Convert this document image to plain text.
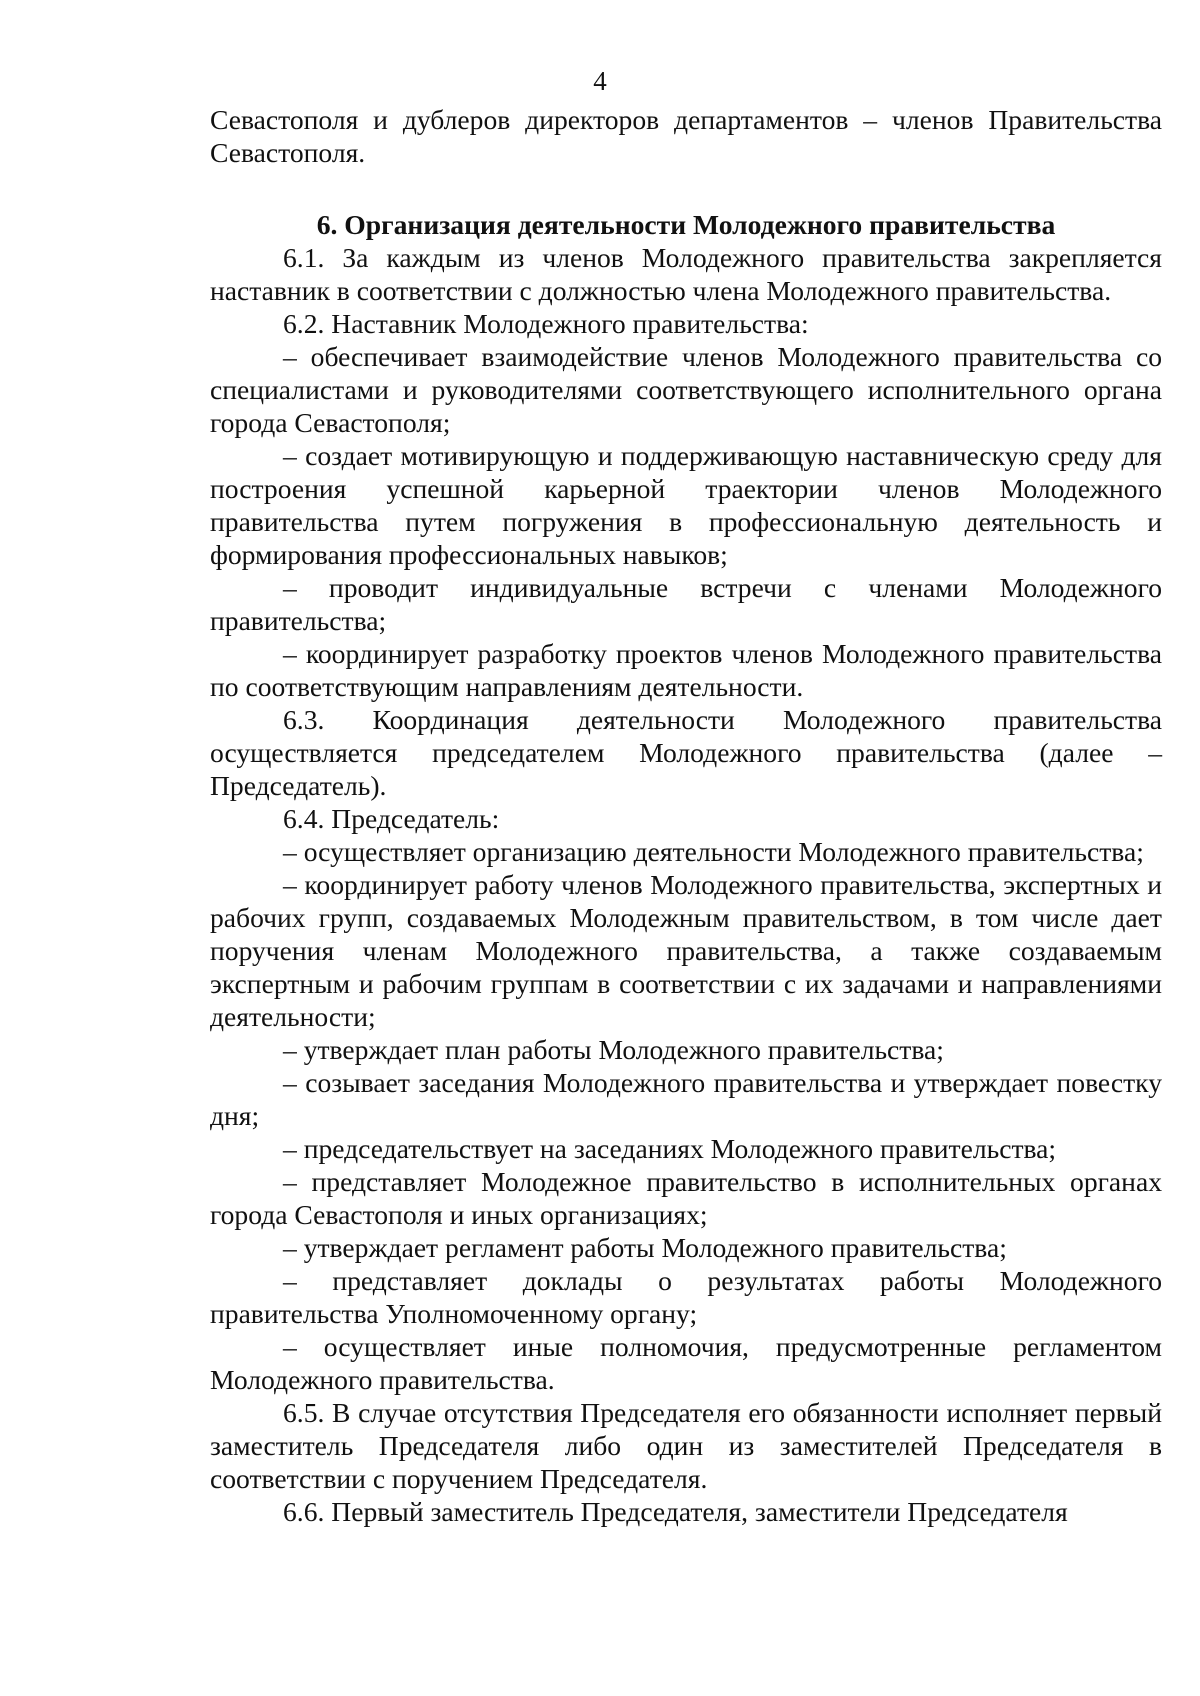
4

Севастополя и дублеров директоров департаментов – членов Правительства Севастополя.

6. Организация деятельности Молодежного правительства

6.1. За каждым из членов Молодежного правительства закрепляется наставник в соответствии с должностью члена Молодежного правительства.

6.2. Наставник Молодежного правительства:

– обеспечивает взаимодействие членов Молодежного правительства со специалистами и руководителями соответствующего исполнительного органа города Севастополя;

– создает мотивирующую и поддерживающую наставническую среду для построения успешной карьерной траектории членов Молодежного правительства путем погружения в профессиональную деятельность и формирования профессиональных навыков;

– проводит индивидуальные встречи с членами Молодежного правительства;

– координирует разработку проектов членов Молодежного правительства по соответствующим направлениям деятельности.

6.3. Координация деятельности Молодежного правительства осуществляется председателем Молодежного правительства (далее – Председатель).

6.4. Председатель:

– осуществляет организацию деятельности Молодежного правительства;

– координирует работу членов Молодежного правительства, экспертных и рабочих групп, создаваемых Молодежным правительством, в том числе дает поручения членам Молодежного правительства, а также создаваемым экспертным и рабочим группам в соответствии с их задачами и направлениями деятельности;

– утверждает план работы Молодежного правительства;

– созывает заседания Молодежного правительства и утверждает повестку дня;

– председательствует на заседаниях Молодежного правительства;

– представляет Молодежное правительство в исполнительных органах города Севастополя и иных организациях;

– утверждает регламент работы Молодежного правительства;

– представляет доклады о результатах работы Молодежного правительства Уполномоченному органу;

– осуществляет иные полномочия, предусмотренные регламентом Молодежного правительства.

6.5. В случае отсутствия Председателя его обязанности исполняет первый заместитель Председателя либо один из заместителей Председателя в соответствии с поручением Председателя.

6.6. Первый заместитель Председателя, заместители Председателя
